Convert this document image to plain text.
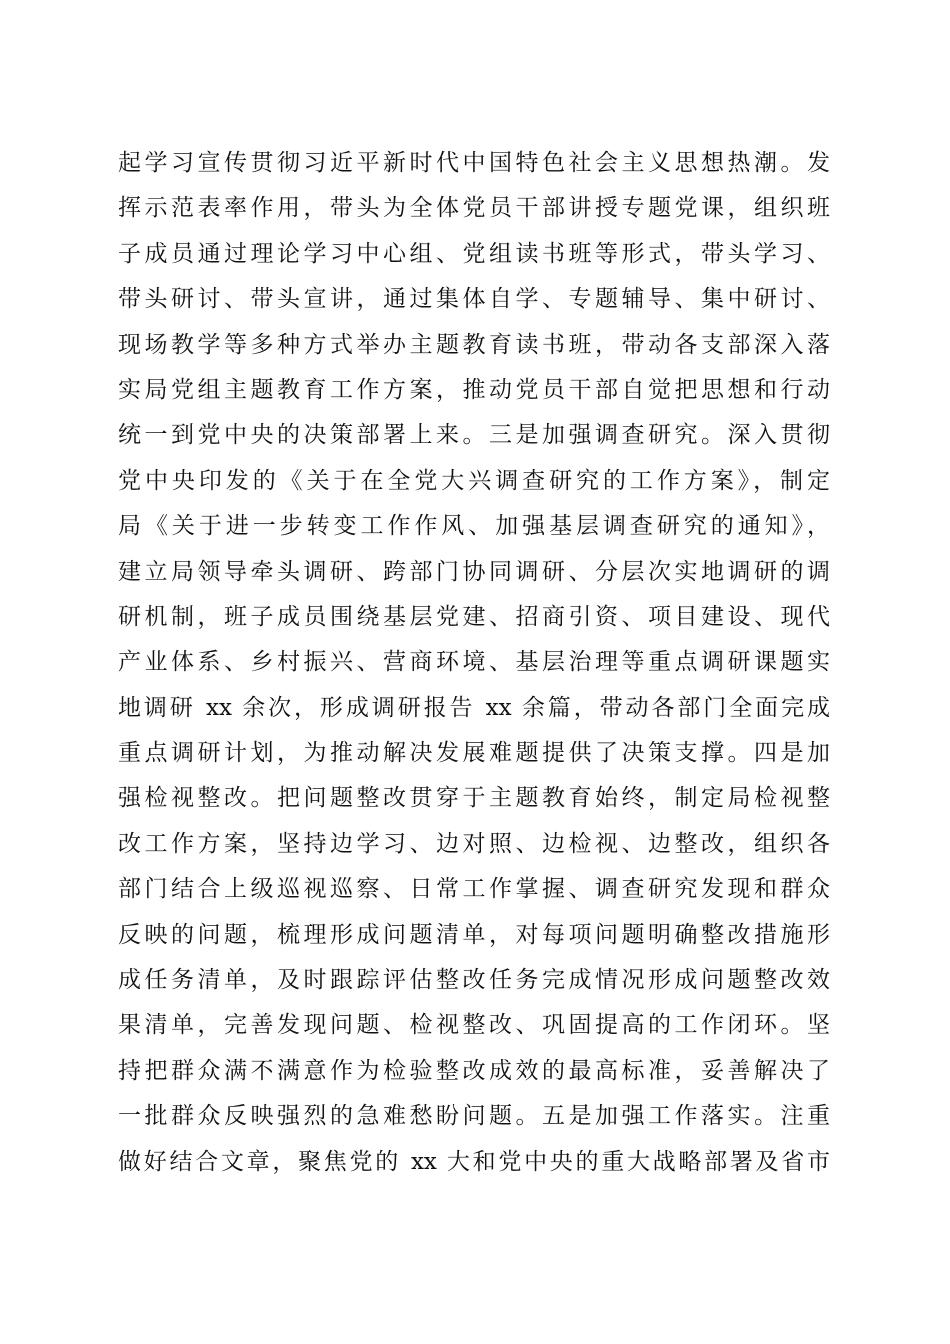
起学习宣传贯彻习近平新时代中国特色社会主义思想热潮。发
挥示范表率作用，带头为全体党员干部讲授专题党课，组织班
子成员通过理论学习中心组、党组读书班等形式，带头学习、
带头研讨、带头宣讲，通过集体自学、专题辅导、集中研讨、
现场教学等多种方式举办主题教育读书班，带动各支部深入落
实局党组主题教育工作方案，推动党员干部自觉把思想和行动
统一到党中央的决策部署上来。三是加强调查研究。深入贯彻
党中央印发的《关于在全党大兴调查研究的工作方案》，制定
局《关于进一步转变工作作风、加强基层调查研究的通知》，
建立局领导牵头调研、跨部门协同调研、分层次实地调研的调
研机制，班子成员围绕基层党建、招商引资、项目建设、现代
产业体系、乡村振兴、营商环境、基层治理等重点调研课题实
地调研 xx 余次，形成调研报告 xx 余篇，带动各部门全面完成
重点调研计划，为推动解决发展难题提供了决策支撑。四是加
强检视整改。把问题整改贯穿于主题教育始终，制定局检视整
改工作方案，坚持边学习、边对照、边检视、边整改，组织各
部门结合上级巡视巡察、日常工作掌握、调查研究发现和群众
反映的问题，梳理形成问题清单，对每项问题明确整改措施形
成任务清单，及时跟踪评估整改任务完成情况形成问题整改效
果清单，完善发现问题、检视整改、巩固提高的工作闭环。坚
持把群众满不满意作为检验整改成效的最高标准，妥善解决了
一批群众反映强烈的急难愁盼问题。五是加强工作落实。注重
做好结合文章，聚焦党的 xx 大和党中央的重大战略部署及省市
